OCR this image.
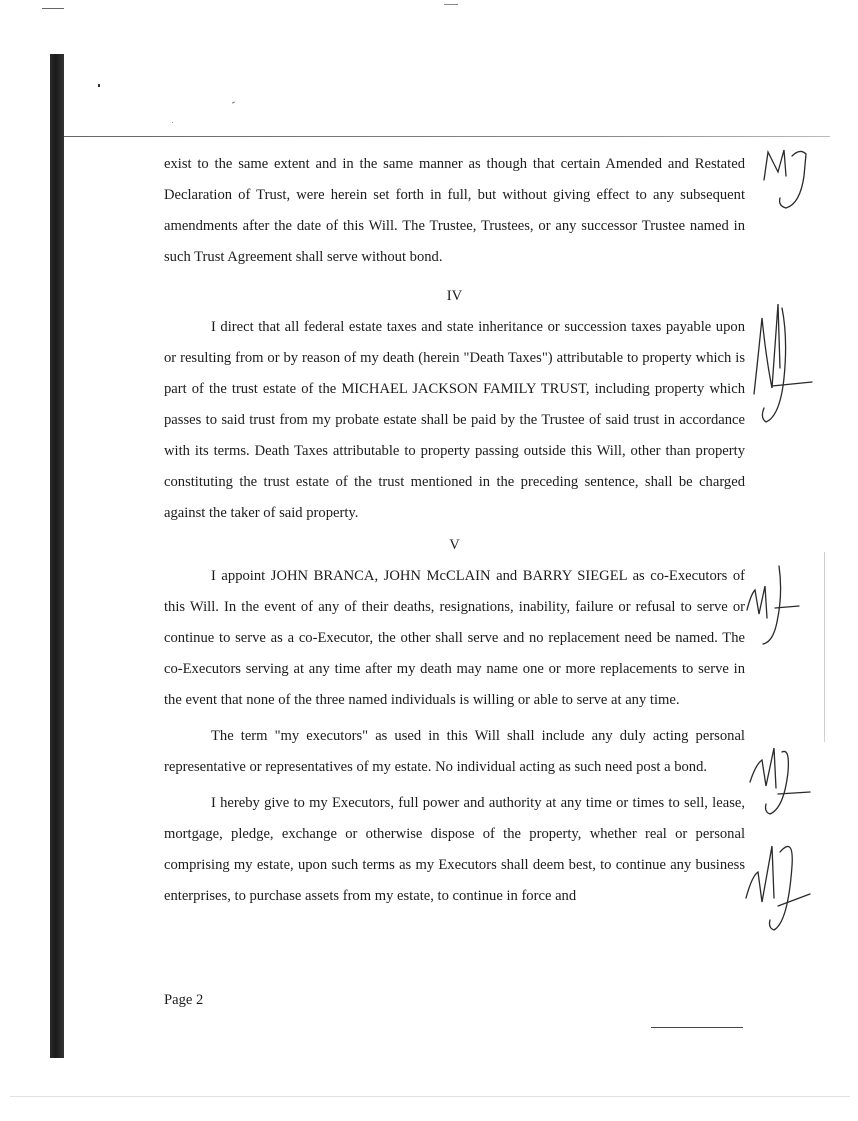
exist to the same extent and in the same manner as though that certain Amended and Restated Declaration of Trust, were herein set forth in full, but without giving effect to any subsequent amendments after the date of this Will. The Trustee, Trustees, or any successor Trustee named in such Trust Agreement shall serve without bond.

IV

I direct that all federal estate taxes and state inheritance or succession taxes payable upon or resulting from or by reason of my death (herein "Death Taxes") attributable to property which is part of the trust estate of the MICHAEL JACKSON FAMILY TRUST, including property which passes to said trust from my probate estate shall be paid by the Trustee of said trust in accordance with its terms. Death Taxes attributable to property passing outside this Will, other than property constituting the trust estate of the trust mentioned in the preceding sentence, shall be charged against the taker of said property.

V

I appoint JOHN BRANCA, JOHN McCLAIN and BARRY SIEGEL as co-Executors of this Will. In the event of any of their deaths, resignations, inability, failure or refusal to serve or continue to serve as a co-Executor, the other shall serve and no replacement need be named. The co-Executors serving at any time after my death may name one or more replacements to serve in the event that none of the three named individuals is willing or able to serve at any time.

The term "my executors" as used in this Will shall include any duly acting personal representative or representatives of my estate. No individual acting as such need post a bond.

I hereby give to my Executors, full power and authority at any time or times to sell, lease, mortgage, pledge, exchange or otherwise dispose of the property, whether real or personal comprising my estate, upon such terms as my Executors shall deem best, to continue any business enterprises, to purchase assets from my estate, to continue in force and

Page 2
